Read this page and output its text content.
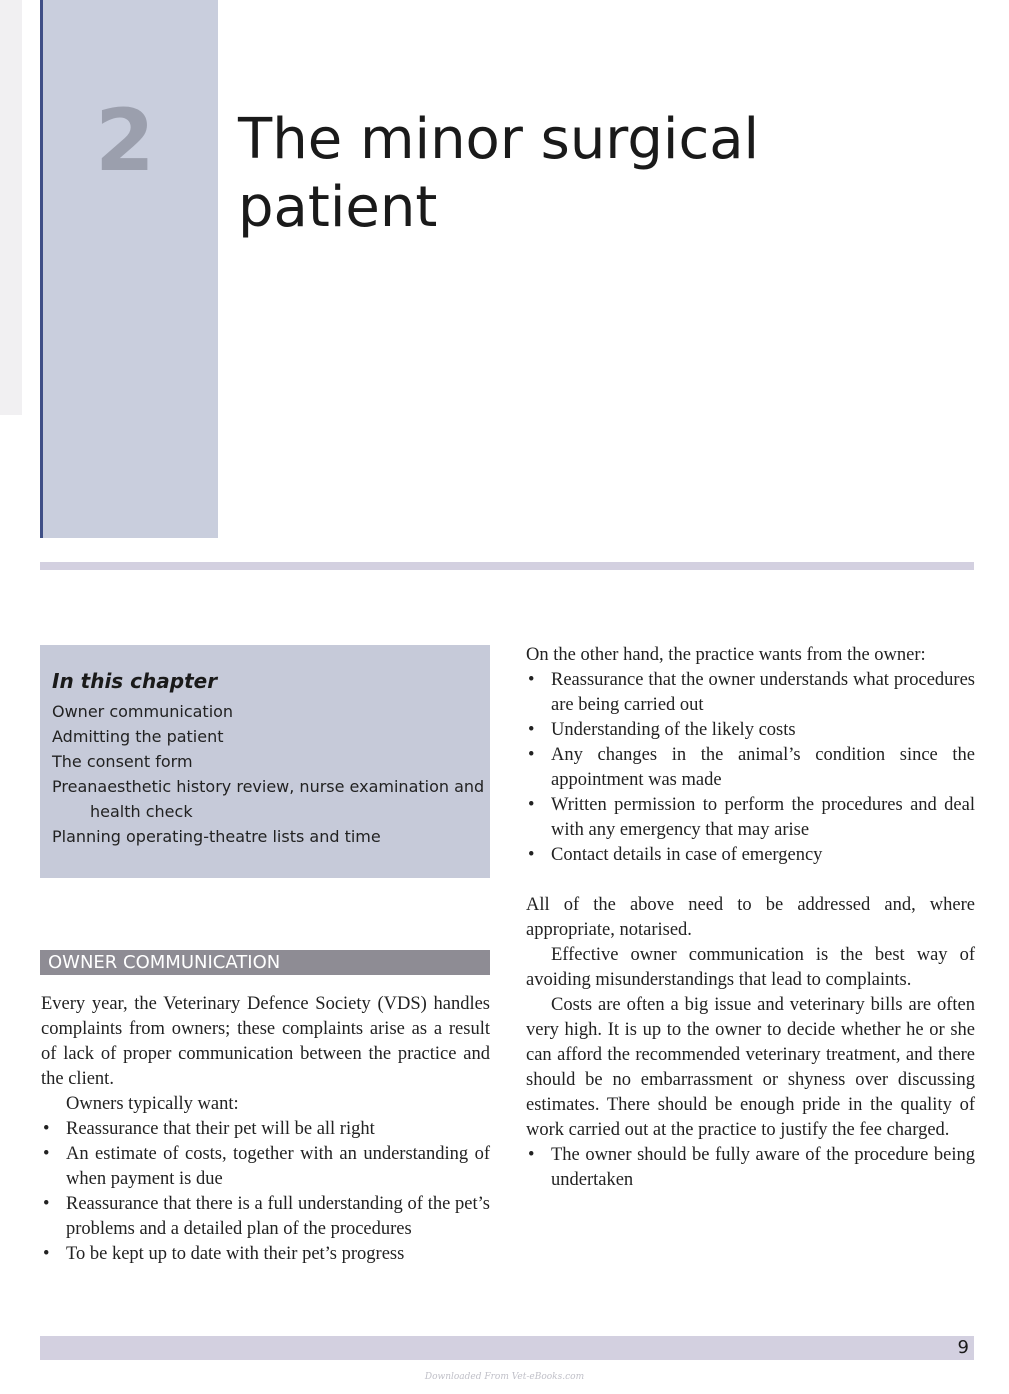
2 The minor surgical patient
In this chapter
Owner communication
Admitting the patient
The consent form
Preanaesthetic history review, nurse examination and health check
Planning operating-theatre lists and time
OWNER COMMUNICATION

Every year, the Veterinary Defence Society (VDS) handles complaints from owners; these complaints arise as a result of lack of proper communication between the practice and the client.

Owners typically want:

• Reassurance that their pet will be all right
• An estimate of costs, together with an understanding of when payment is due
• Reassurance that there is a full understanding of the pet’s problems and a detailed plan of the procedures
• To be kept up to date with their pet’s progress

On the other hand, the practice wants from the owner:

• Reassurance that the owner understands what procedures are being carried out
• Understanding of the likely costs
• Any changes in the animal’s condition since the appointment was made
• Written permission to perform the procedures and deal with any emergency that may arise
• Contact details in case of emergency

All of the above need to be addressed and, where appropriate, notarised.

Effective owner communication is the best way of avoiding misunderstandings that lead to complaints.

Costs are often a big issue and veterinary bills are often very high. It is up to the owner to decide whether he or she can afford the recommended veterinary treatment, and there should be no embarrassment or shyness over discussing estimates. There should be enough pride in the quality of work carried out at the practice to justify the fee charged.

• The owner should be fully aware of the procedure being undertaken
9
Downloaded From Vet-eBooks.com
